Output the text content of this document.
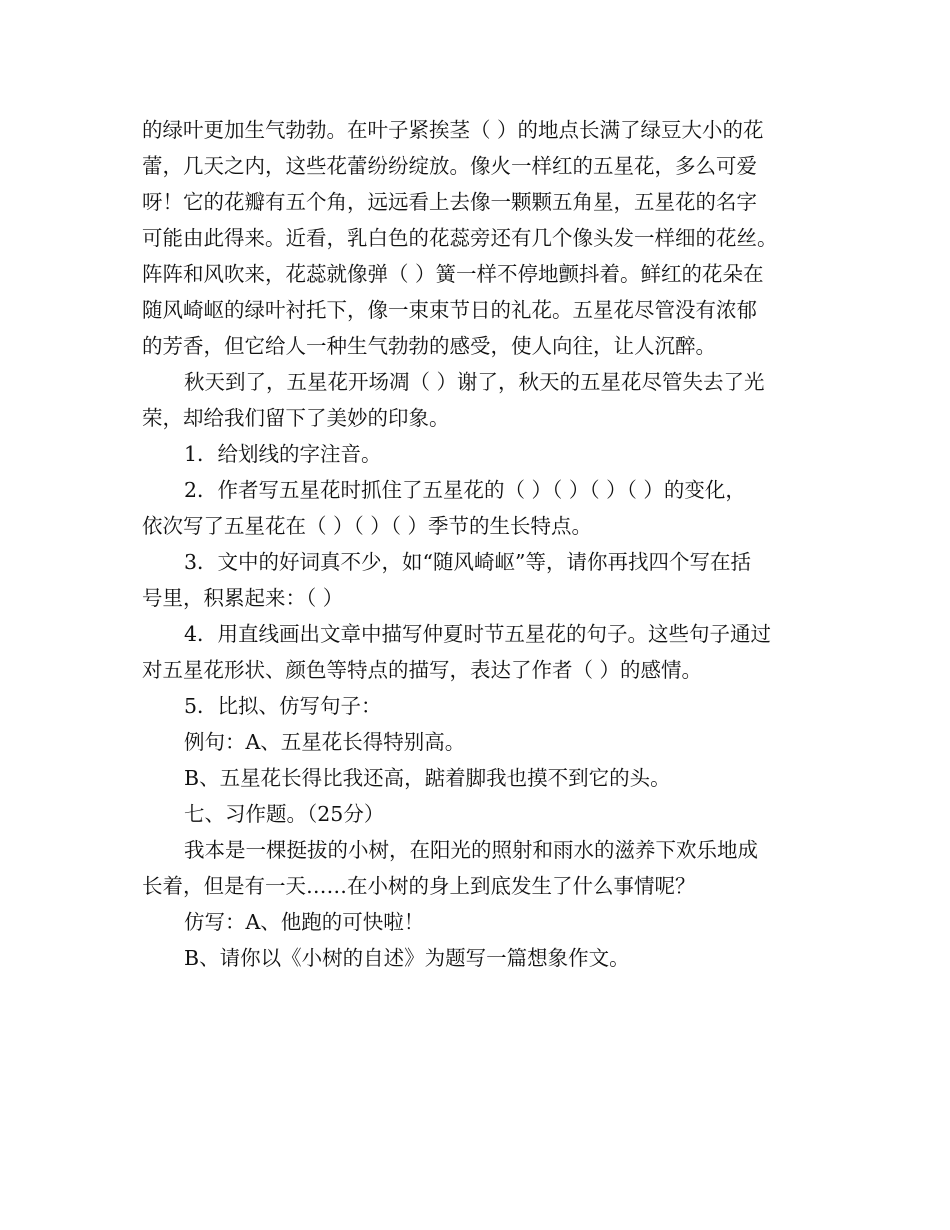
的绿叶更加生气勃勃。在叶子紧挨茎（ ）的地点长满了绿豆大小的花
蕾，几天之内，这些花蕾纷纷绽放。像火一样红的五星花，多么可爱
呀！它的花瓣有五个角，远远看上去像一颗颗五角星，五星花的名字
可能由此得来。近看，乳白色的花蕊旁还有几个像头发一样细的花丝。
阵阵和风吹来，花蕊就像弹（ ）簧一样不停地颤抖着。鲜红的花朵在
随风崎岖的绿叶衬托下，像一束束节日的礼花。五星花尽管没有浓郁
的芳香，但它给人一种生气勃勃的感受，使人向往，让人沉醉。
秋天到了，五星花开场凋（ ）谢了，秋天的五星花尽管失去了光
荣，却给我们留下了美妙的印象。
1．给划线的字注音。
2．作者写五星花时抓住了五星花的（ ）（ ）（ ）（ ）的变化，
依次写了五星花在（ ）（ ）（ ）季节的生长特点。
3．文中的好词真不少，如“随风崎岖”等，请你再找四个写在括
号里，积累起来：（ ）
4．用直线画出文章中描写仲夏时节五星花的句子。这些句子通过
对五星花形状、颜色等特点的描写，表达了作者（ ）的感情。
5．比拟、仿写句子：
例句：A、五星花长得特别高。
B、五星花长得比我还高，踮着脚我也摸不到它的头。
七、习作题。（25分）
我本是一棵挺拔的小树，在阳光的照射和雨水的滋养下欢乐地成
长着，但是有一天……在小树的身上到底发生了什么事情呢？
仿写：A、他跑的可快啦！
B、请你以《小树的自述》为题写一篇想象作文。
